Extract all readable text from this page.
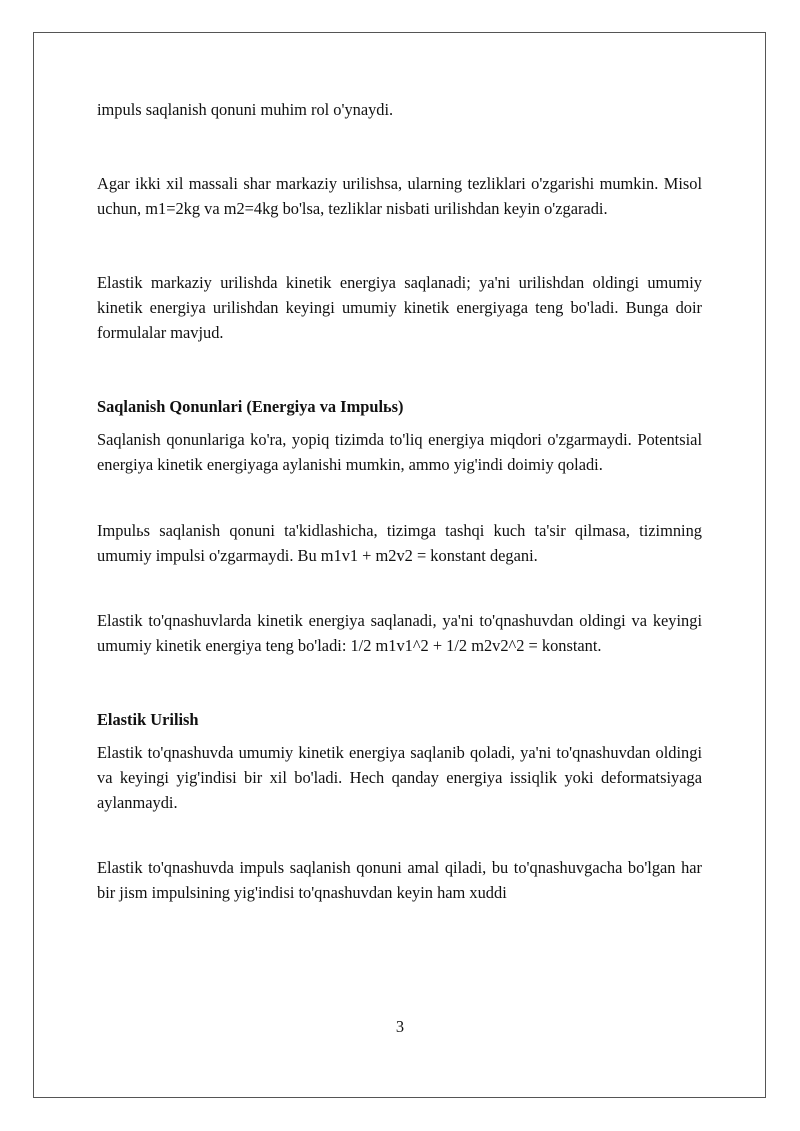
impuls saqlanish qonuni muhim rol o'ynaydi.

Agar ikki xil massali shar markaziy urilishsa, ularning tezliklari o'zgarishi mumkin. Misol uchun, m1=2kg va m2=4kg bo'lsa, tezliklar nisbati urilishdan keyin o'zgaradi.

Elastik markaziy urilishda kinetik energiya saqlanadi; ya'ni urilishdan oldingi umumiy kinetik energiya urilishdan keyingi umumiy kinetik energiyaga teng bo'ladi. Bunga doir formulalar mavjud.

Saqlanish Qonunlari (Energiya va Impulьs)

Saqlanish qonunlariga ko'ra, yopiq tizimda to'liq energiya miqdori o'zgarmaydi. Potentsial energiya kinetik energiyaga aylanishi mumkin, ammo yig'indi doimiy qoladi.

Impulьs saqlanish qonuni ta'kidlashicha, tizimga tashqi kuch ta'sir qilmasa, tizimning umumiy impulsi o'zgarmaydi. Bu m1v1 + m2v2 = konstant degani.

Elastik to'qnashuvlarda kinetik energiya saqlanadi, ya'ni to'qnashuvdan oldingi va keyingi umumiy kinetik energiya teng bo'ladi: 1/2 m1v1^2 + 1/2 m2v2^2 = konstant.

Elastik Urilish

Elastik to'qnashuvda umumiy kinetik energiya saqlanib qoladi, ya'ni to'qnashuvdan oldingi va keyingi yig'indisi bir xil bo'ladi. Hech qanday energiya issiqlik yoki deformatsiyaga aylanmaydi.

Elastik to'qnashuvda impuls saqlanish qonuni amal qiladi, bu to'qnashuvgacha bo'lgan har bir jism impulsining yig'indisi to'qnashuvdan keyin ham xuddi

3
